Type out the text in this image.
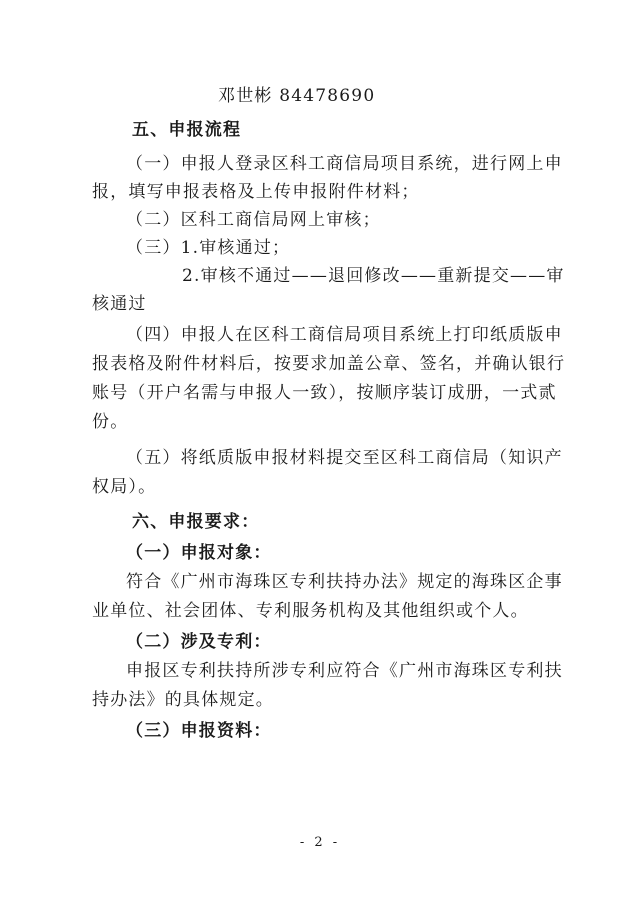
邓世彬 84478690
五、申报流程
（一）申报人登录区科工商信局项目系统，进行网上申
报，填写申报表格及上传申报附件材料；
（二）区科工商信局网上审核；
（三）1.审核通过；
2.审核不通过——退回修改——重新提交——审
核通过
（四）申报人在区科工商信局项目系统上打印纸质版申
报表格及附件材料后，按要求加盖公章、签名，并确认银行
账号（开户名需与申报人一致），按顺序装订成册，一式贰
份。
（五）将纸质版申报材料提交至区科工商信局（知识产
权局）。
六、申报要求：
（一）申报对象：
符合《广州市海珠区专利扶持办法》规定的海珠区企事
业单位、社会团体、专利服务机构及其他组织或个人。
（二）涉及专利：
申报区专利扶持所涉专利应符合《广州市海珠区专利扶
持办法》的具体规定。
（三）申报资料：
- 2 -
